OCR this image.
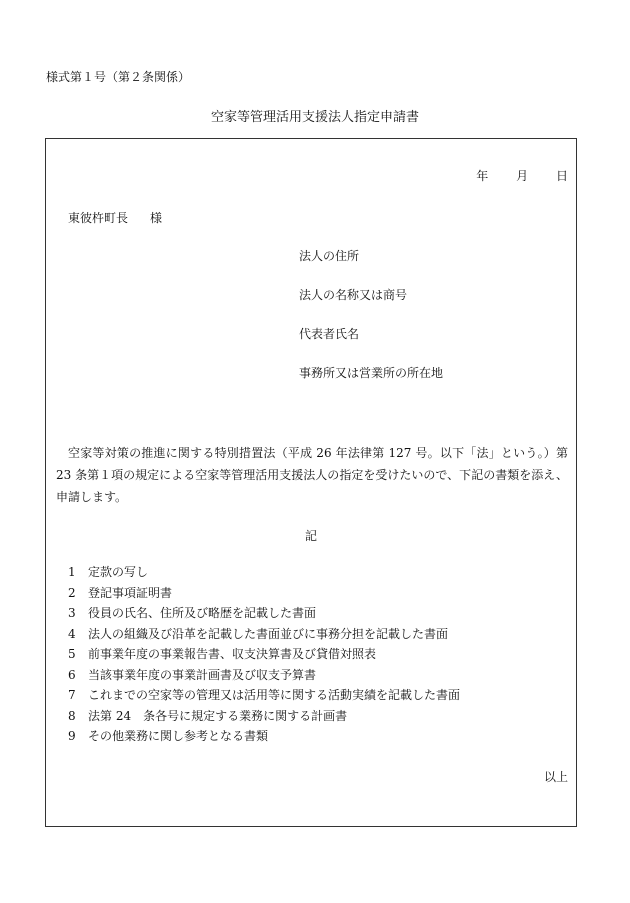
様式第１号（第２条関係）
空家等管理活用支援法人指定申請書
年 月 日
東彼杵町長 様
法人の住所
法人の名称又は商号
代表者氏名
事務所又は営業所の所在地
空家等対策の推進に関する特別措置法（平成 26 年法律第 127 号。以下「法」という。）第 23 条第１項の規定による空家等管理活用支援法人の指定を受けたいので、下記の書類を添え、申請します。
記
1 定款の写し
2 登記事項証明書
3 役員の氏名、住所及び略歴を記載した書面
4 法人の組織及び沿革を記載した書面並びに事務分担を記載した書面
5 前事業年度の事業報告書、収支決算書及び貸借対照表
6 当該事業年度の事業計画書及び収支予算書
7 これまでの空家等の管理又は活用等に関する活動実績を記載した書面
8 法第 24　条各号に規定する業務に関する計画書
9 その他業務に関し参考となる書類
以上
